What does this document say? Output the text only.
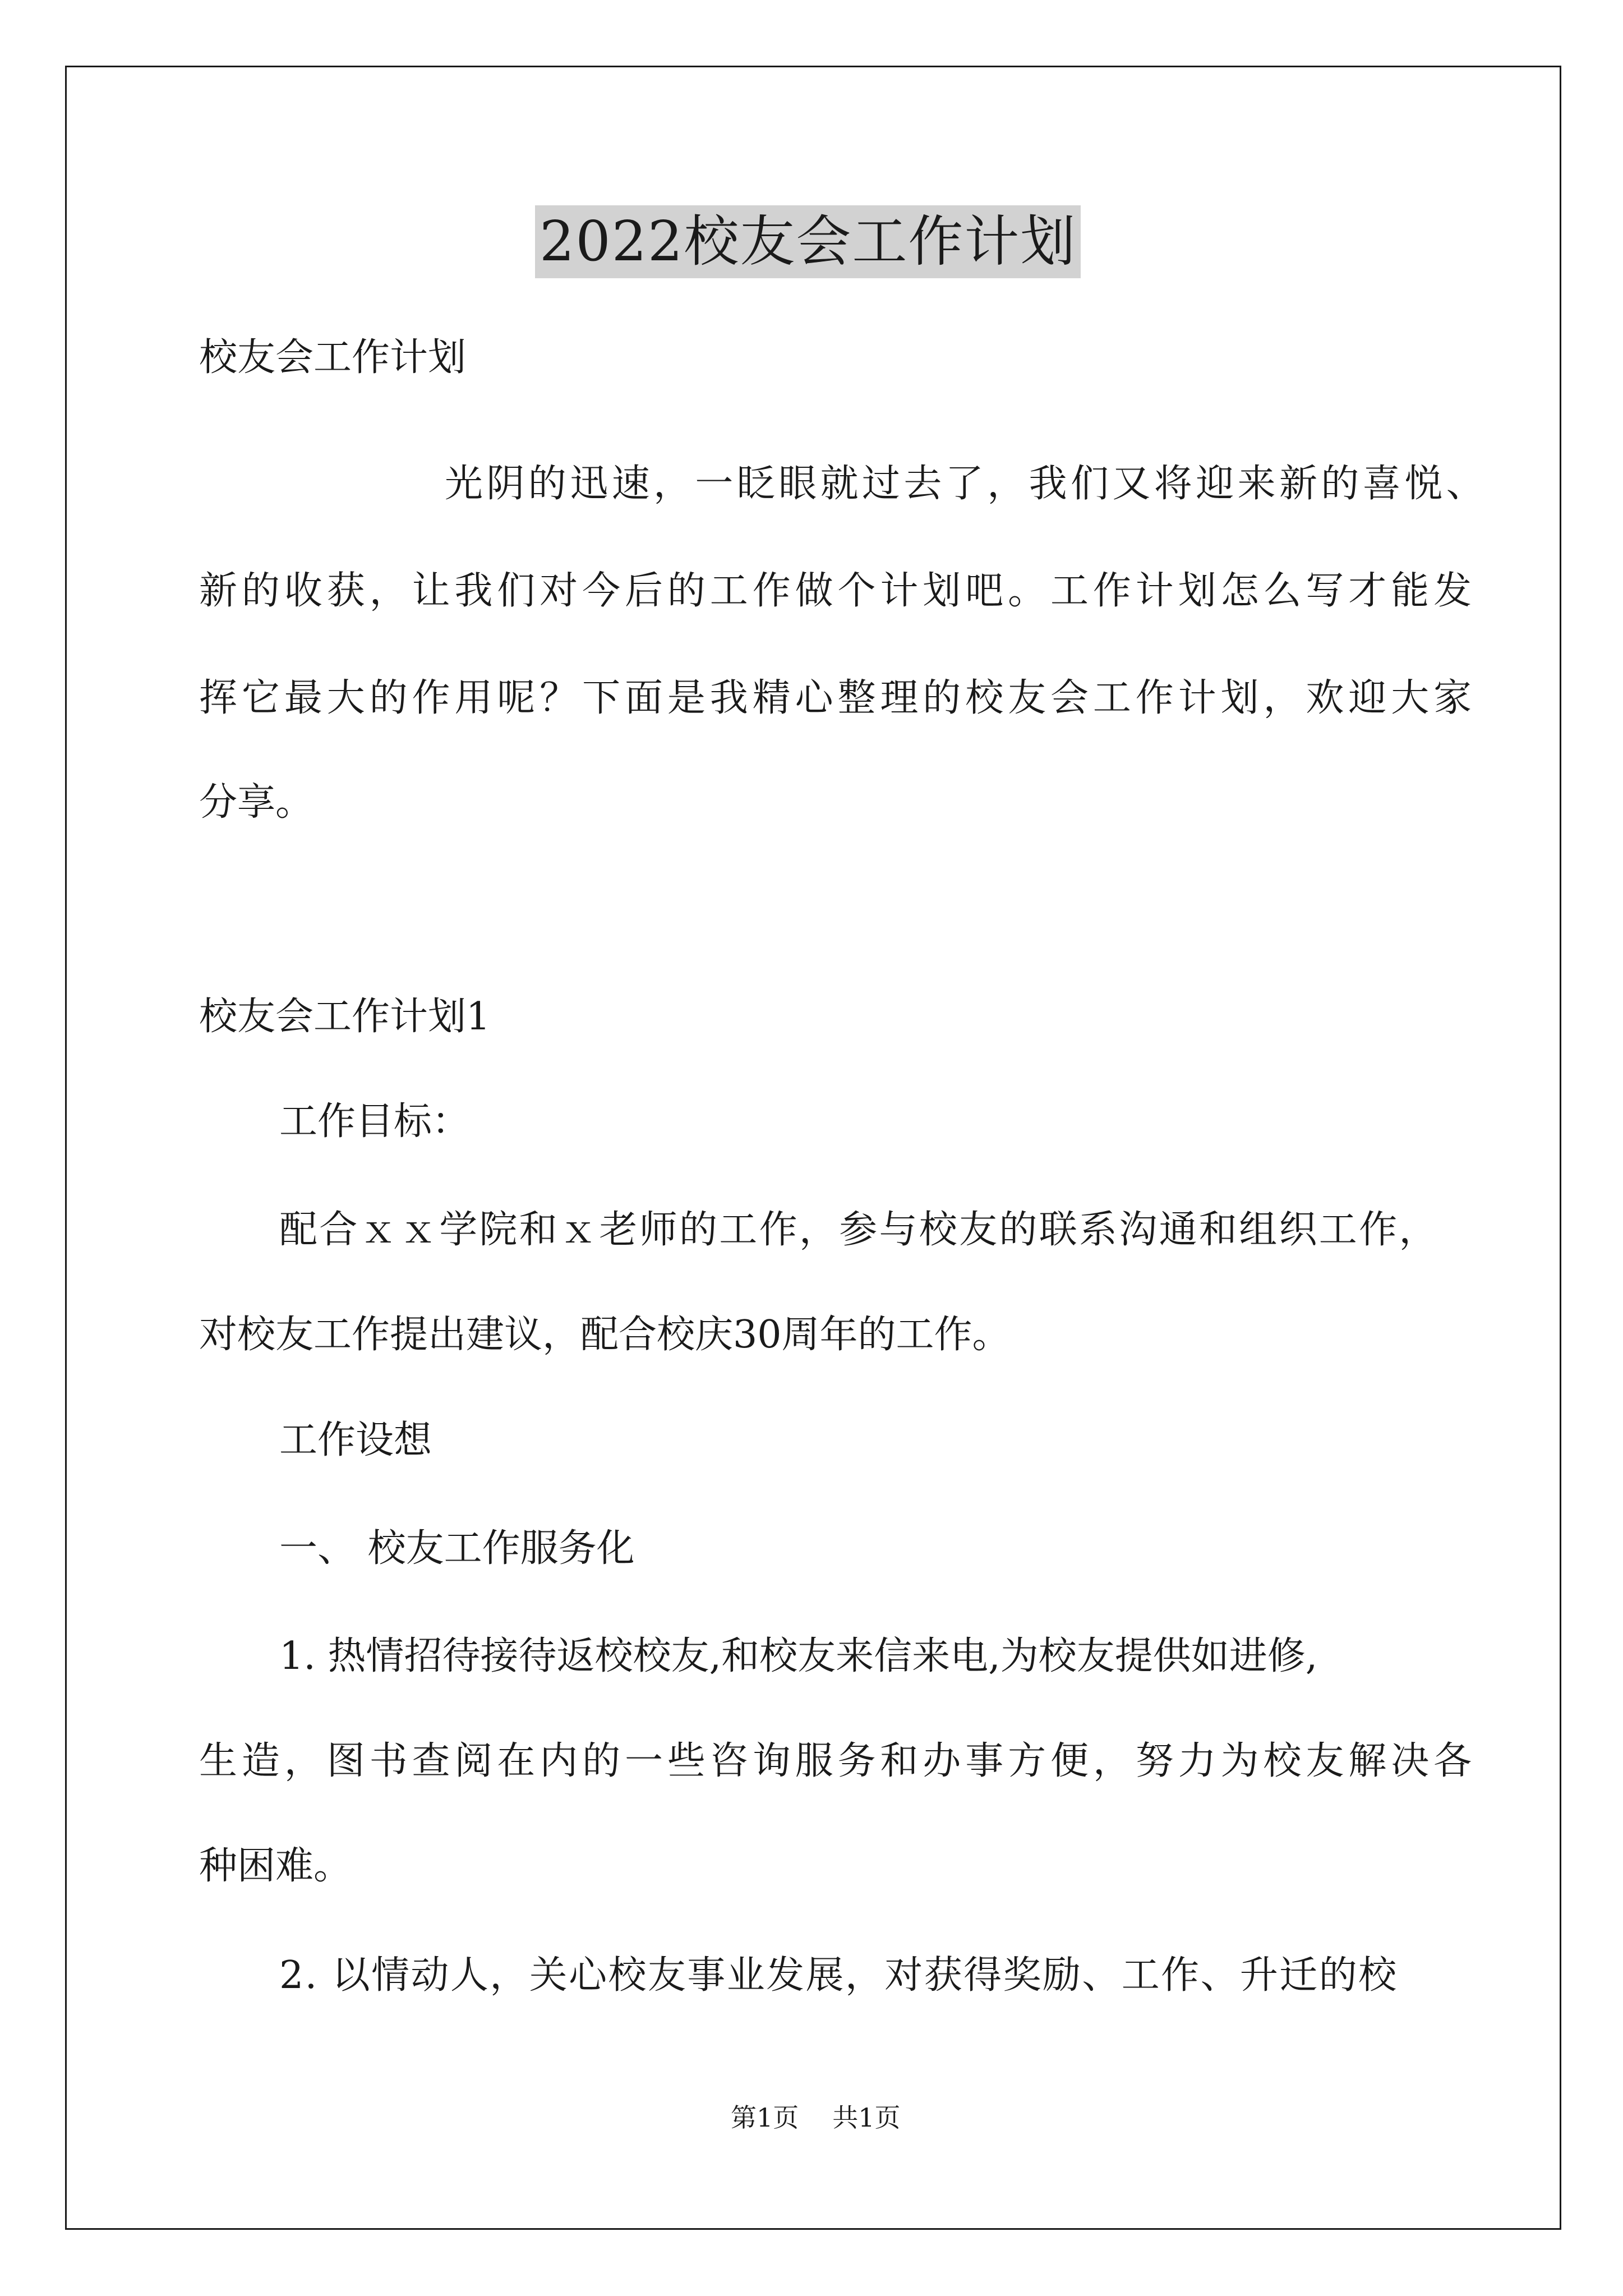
2022校友会工作计划

校友会工作计划

光阴的迅速，一眨眼就过去了，我们又将迎来新的喜悦、

新的收获，让我们对今后的工作做个计划吧。工作计划怎么写才能发

挥它最大的作用呢？下面是我精心整理的校友会工作计划，欢迎大家

分享。

校友会工作计划1

工作目标：

配合ｘｘ学院和ｘ老师的工作，参与校友的联系沟通和组织工作，

对校友工作提出建议，配合校庆30周年的工作。

工作设想

一、 校友工作服务化

1. 热情招待接待返校校友,和校友来信来电,为校友提供如进修,

生造，图书查阅在内的一些咨询服务和办事方便，努力为校友解决各

种困难。

2. 以情动人，关心校友事业发展，对获得奖励、工作、升迁的校

第1页 共1页
